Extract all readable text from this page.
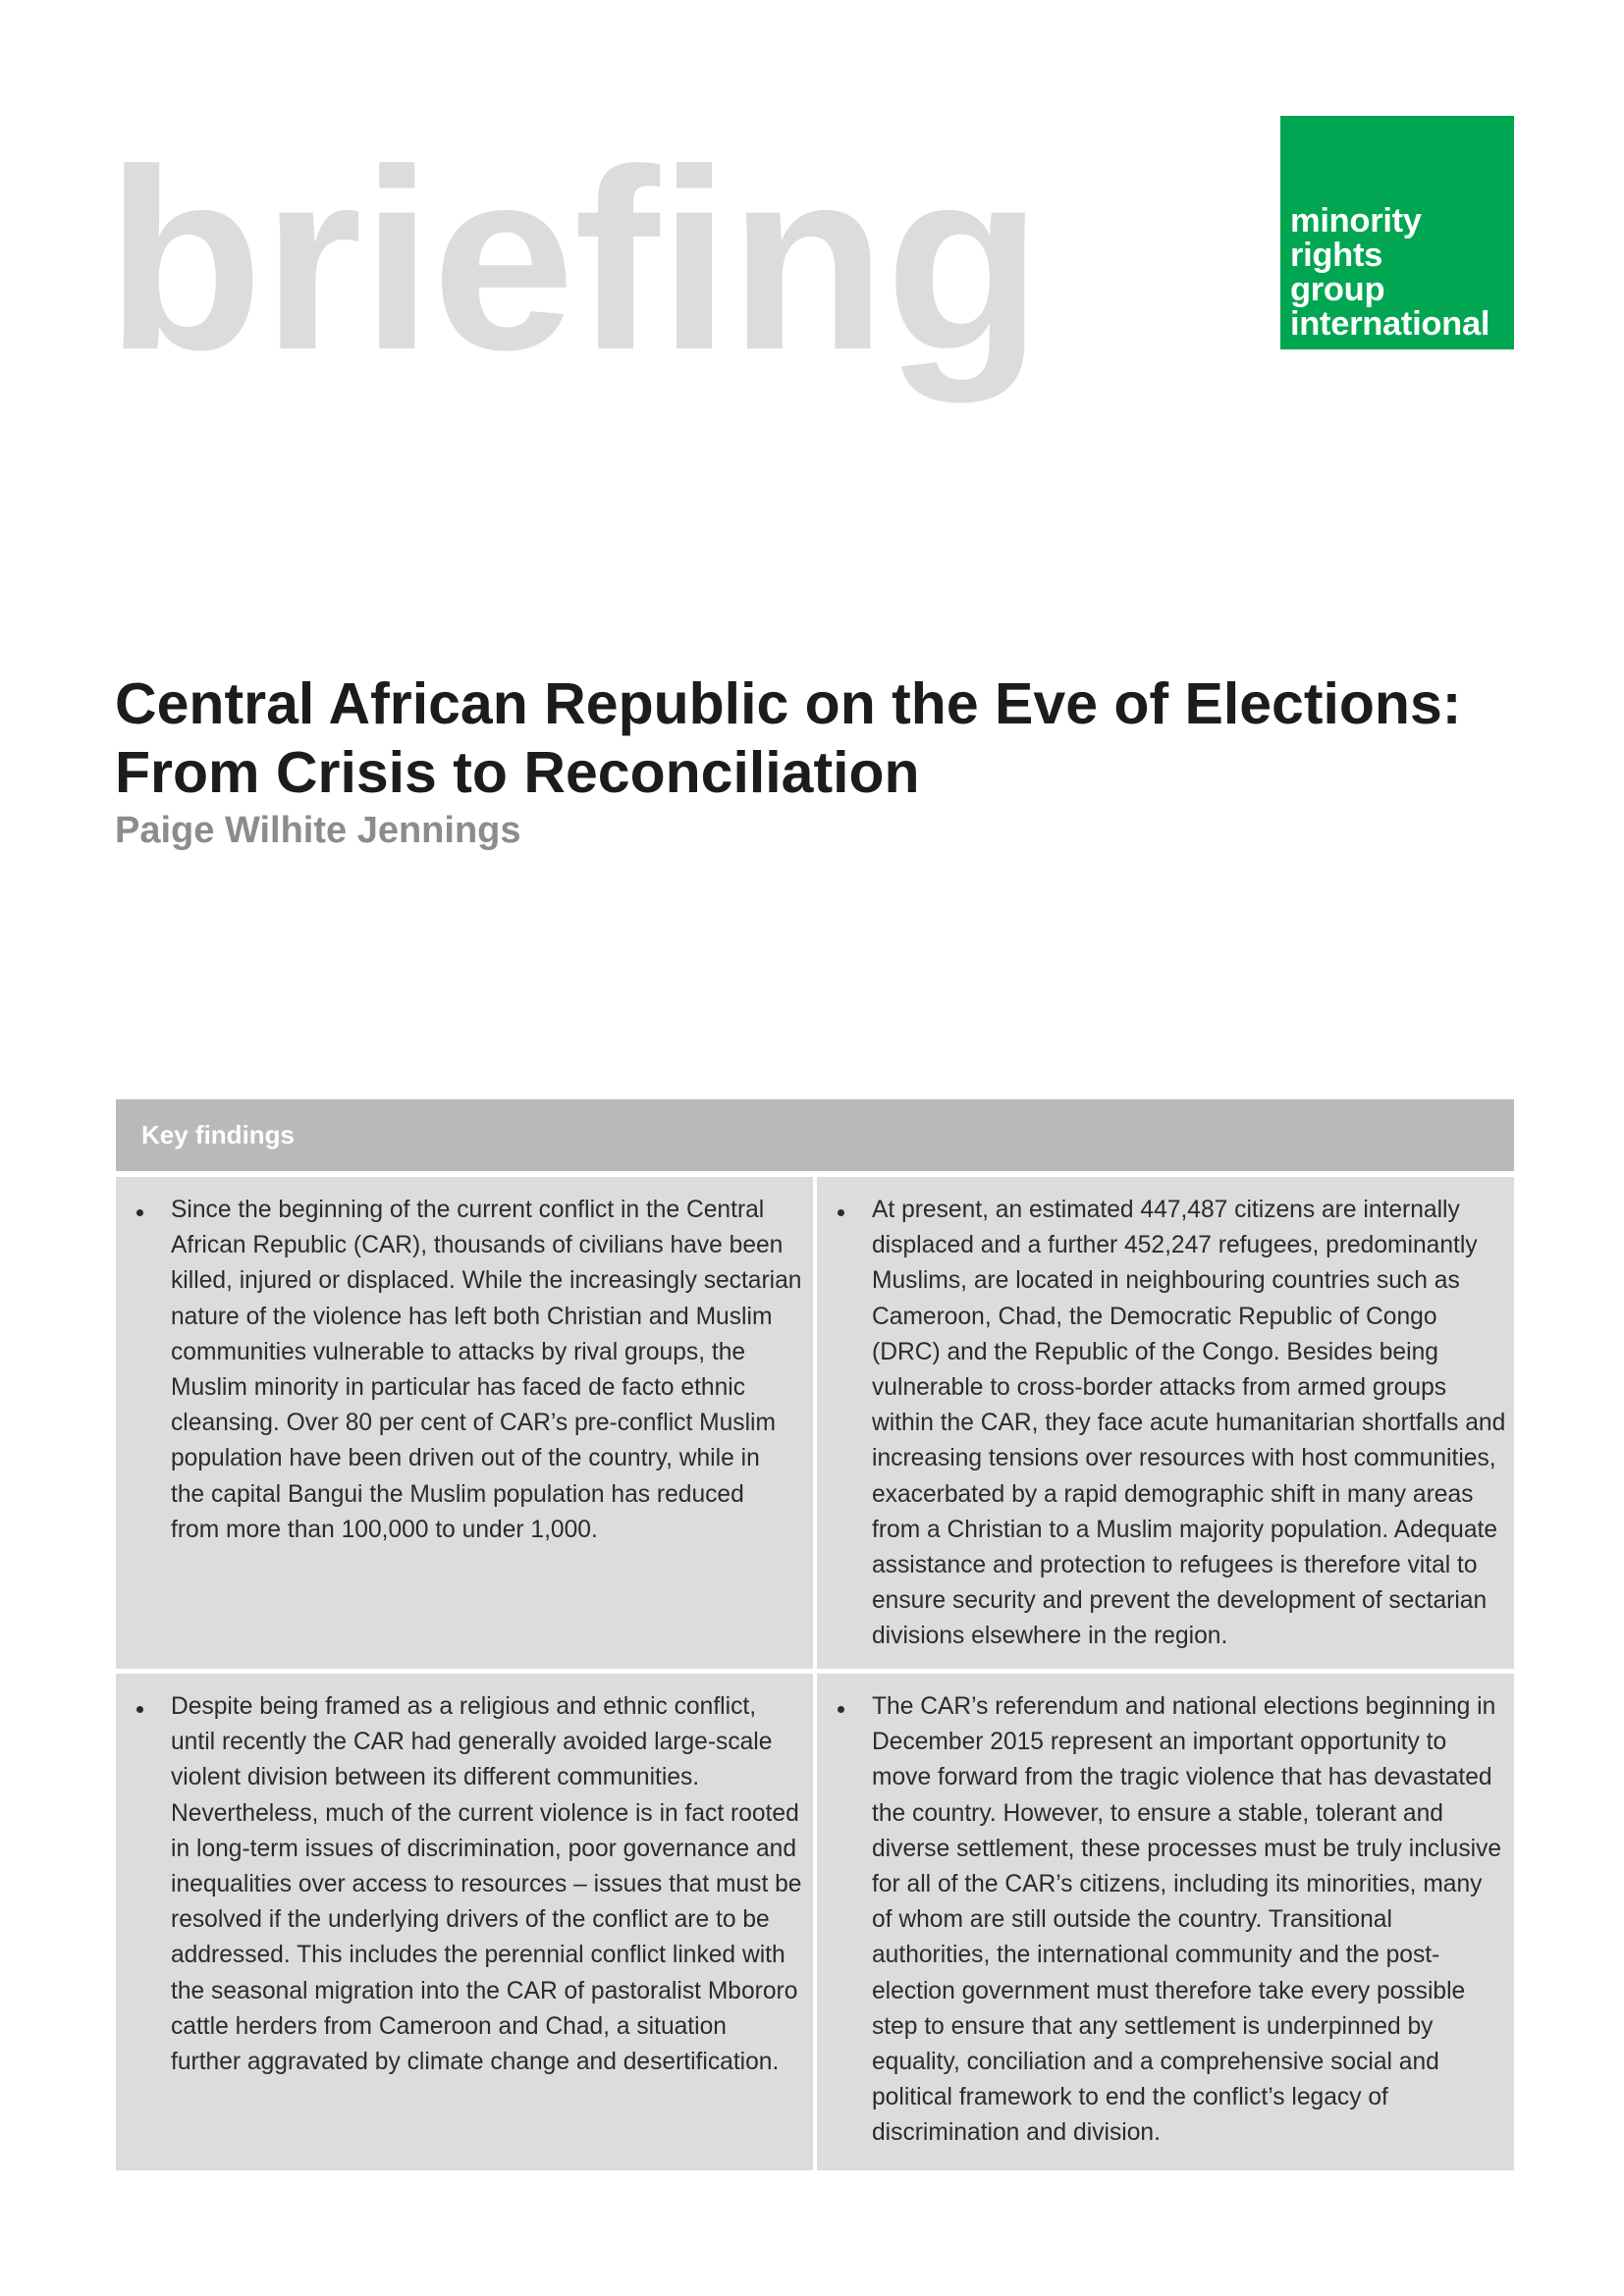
briefing	minority
rights
group
international
Central African Republic on the Eve of Elections: From Crisis to Reconciliation
Paige Wilhite Jennings
Key findings
Since the beginning of the current conflict in the Central
African Republic (CAR), thousands of civilians have been
killed, injured or displaced. While the increasingly sectarian
nature of the violence has left both Christian and Muslim
communities vulnerable to attacks by rival groups, the
Muslim minority in particular has faced de facto ethnic
cleansing. Over 80 per cent of CAR’s pre-conflict Muslim
population have been driven out of the country, while in
the capital Bangui the Muslim population has reduced
from more than 100,000 to under 1,000.
At present, an estimated 447,487 citizens are internally
displaced and a further 452,247 refugees, predominantly
Muslims, are located in neighbouring countries such as
Cameroon, Chad, the Democratic Republic of Congo
(DRC) and the Republic of the Congo. Besides being
vulnerable to cross-border attacks from armed groups
within the CAR, they face acute humanitarian shortfalls and
increasing tensions over resources with host communities,
exacerbated by a rapid demographic shift in many areas
from a Christian to a Muslim majority population. Adequate
assistance and protection to refugees is therefore vital to
ensure security and prevent the development of sectarian
divisions elsewhere in the region.
Despite being framed as a religious and ethnic conflict,
until recently the CAR had generally avoided large-scale
violent division between its different communities.
Nevertheless, much of the current violence is in fact rooted
in long-term issues of discrimination, poor governance and
inequalities over access to resources – issues that must be
resolved if the underlying drivers of the conflict are to be
addressed. This includes the perennial conflict linked with
the seasonal migration into the CAR of pastoralist Mbororo
cattle herders from Cameroon and Chad, a situation
further aggravated by climate change and desertification.
The CAR’s referendum and national elections beginning in
December 2015 represent an important opportunity to
move forward from the tragic violence that has devastated
the country. However, to ensure a stable, tolerant and
diverse settlement, these processes must be truly inclusive
for all of the CAR’s citizens, including its minorities, many
of whom are still outside the country. Transitional
authorities, the international community and the post-
election government must therefore take every possible
step to ensure that any settlement is underpinned by
equality, conciliation and a comprehensive social and
political framework to end the conflict’s legacy of
discrimination and division.
